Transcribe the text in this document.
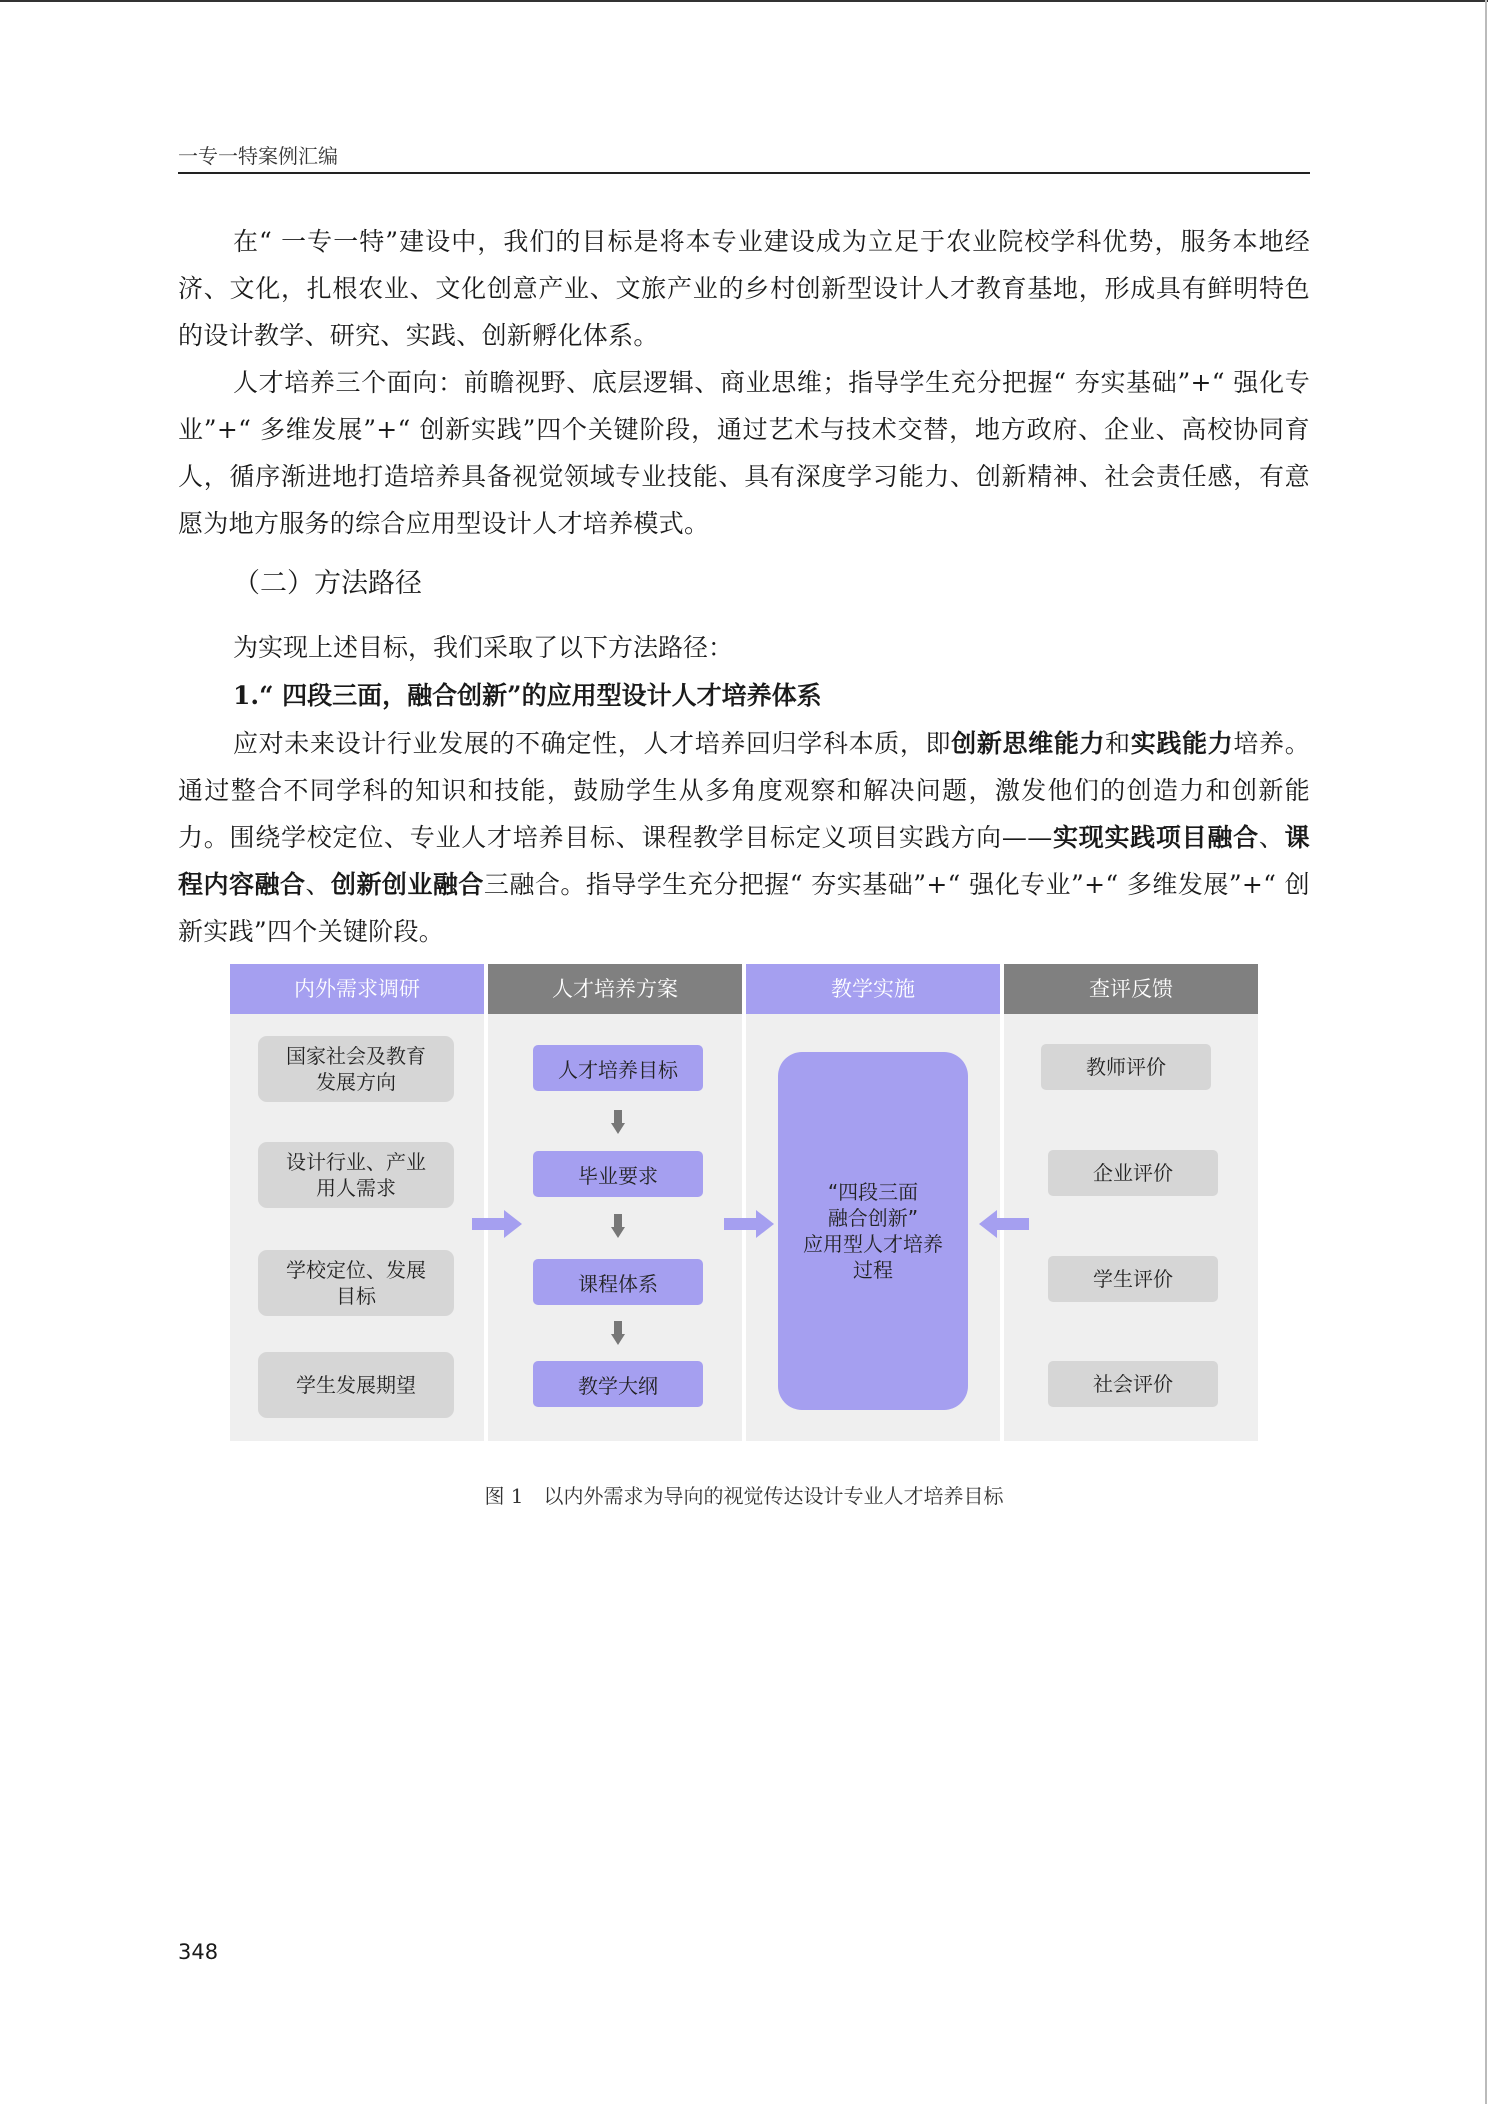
一专一特案例汇编

在“ 一专一特”建设中，我们的目标是将本专业建设成为立足于农业院校学科优势，服务本地经济、文化，扎根农业、文化创意产业、文旅产业的乡村创新型设计人才教育基地，形成具有鲜明特色的设计教学、研究、实践、创新孵化体系。

人才培养三个面向：前瞻视野、底层逻辑、商业思维；指导学生充分把握“ 夯实基础”+“ 强化专业”+“ 多维发展”+“ 创新实践”四个关键阶段，通过艺术与技术交替，地方政府、企业、高校协同育人，循序渐进地打造培养具备视觉领域专业技能、具有深度学习能力、创新精神、社会责任感，有意愿为地方服务的综合应用型设计人才培养模式。

（二）方法路径

为实现上述目标，我们采取了以下方法路径：

1.“ 四段三面，融合创新”的应用型设计人才培养体系

应对未来设计行业发展的不确定性，人才培养回归学科本质，即创新思维能力和实践能力培养。通过整合不同学科的知识和技能，鼓励学生从多角度观察和解决问题，激发他们的创造力和创新能力。围绕学校定位、专业人才培养目标、课程教学目标定义项目实践方向——实现实践项目融合、课程内容融合、创新创业融合三融合。指导学生充分把握“ 夯实基础”+“ 强化专业”+“ 多维发展”+“ 创新实践”四个关键阶段。

内外需求调研	人才培养方案	教学实施	查评反馈
国家社会及教育
发展方向
设计行业、产业
用人需求
学校定位、发展
目标
学生发展期望
人才培养目标
毕业要求
课程体系
教学大纲
“四段三面
融合创新”
应用型人才培养
过程
教师评价
企业评价
学生评价
社会评价
图 1　以内外需求为导向的视觉传达设计专业人才培养目标
348
